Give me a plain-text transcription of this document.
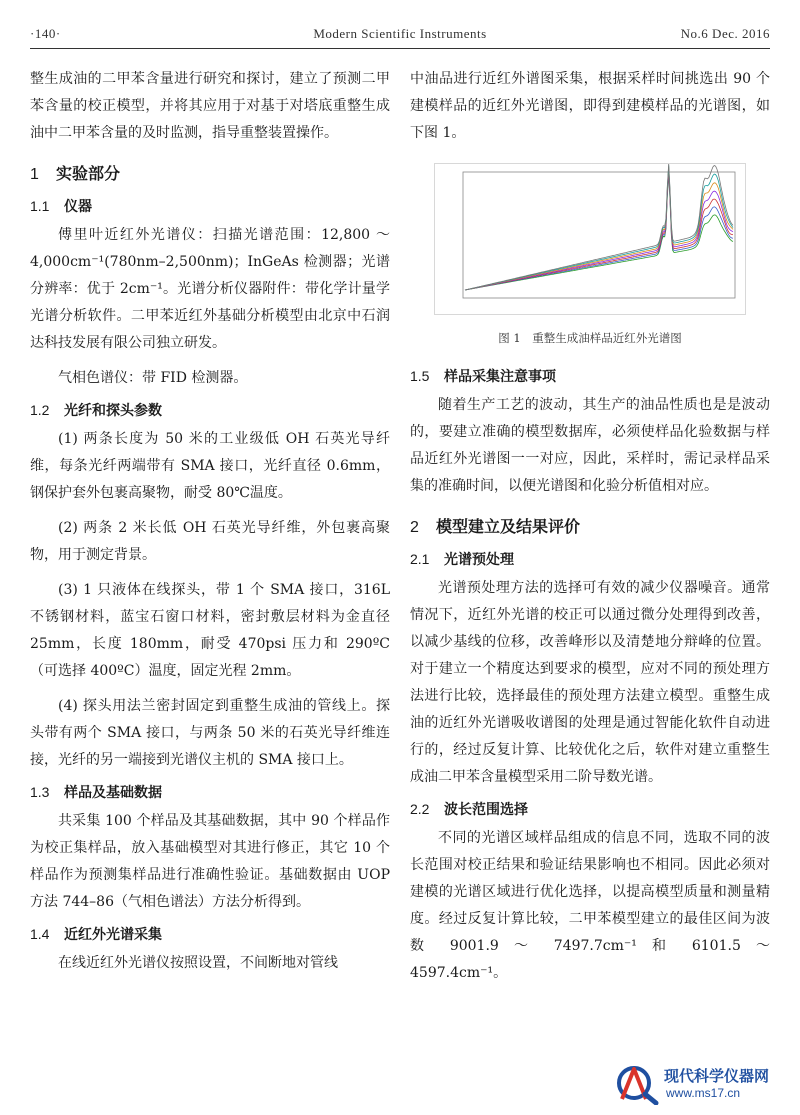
·140·	Modern Scientific Instruments	No.6 Dec. 2016

整生成油的二甲苯含量进行研究和探讨，建立了预测二甲苯含量的校正模型，并将其应用于对基于对塔底重整生成油中二甲苯含量的及时监测，指导重整装置操作。

1 实验部分
1.1 仪器

傅里叶近红外光谱仪：扫描光谱范围：12,800 ～ 4,000cm⁻¹(780nm–2,500nm)；InGeAs 检测器；光谱分辨率：优于 2cm⁻¹。光谱分析仪器附件：带化学计量学光谱分析软件。二甲苯近红外基础分析模型由北京中石润达科技发展有限公司独立研发。

气相色谱仪：带 FID 检测器。

1.2 光纤和探头参数

(1) 两条长度为 50 米的工业级低 OH 石英光导纤维，每条光纤两端带有 SMA 接口，光纤直径 0.6mm，钢保护套外包裹高聚物，耐受 80℃温度。

(2) 两条 2 米长低 OH 石英光导纤维，外包裹高聚物，用于测定背景。

(3) 1 只液体在线探头，带 1 个 SMA 接口，316L 不锈钢材料，蓝宝石窗口材料，密封敷层材料为金直径 25mm，长度 180mm，耐受 470psi 压力和 290ºC（可选择 400ºC）温度，固定光程 2mm。

(4) 探头用法兰密封固定到重整生成油的管线上。探头带有两个 SMA 接口，与两条 50 米的石英光导纤维连接，光纤的另一端接到光谱仪主机的 SMA 接口上。

1.3 样品及基础数据

共采集 100 个样品及其基础数据，其中 90 个样品作为校正集样品，放入基础模型对其进行修正，其它 10 个样品作为预测集样品进行准确性验证。基础数据由 UOP 方法 744–86（气相色谱法）方法分析得到。

1.4 近红外光谱采集

在线近红外光谱仪按照设置，不间断地对管线

中油品进行近红外谱图采集，根据采样时间挑选出 90 个建模样品的近红外光谱图，即得到建模样品的光谱图，如下图 1。

图 1　重整生成油样品近红外光谱图

1.5 样品采集注意事项

随着生产工艺的波动，其生产的油品性质也是是波动的，要建立准确的模型数据库，必须使样品化验数据与样品近红外光谱图一一对应，因此，采样时，需记录样品采集的准确时间，以便光谱图和化验分析值相对应。

2 模型建立及结果评价
2.1 光谱预处理

光谱预处理方法的选择可有效的减少仪器噪音。通常情况下，近红外光谱的校正可以通过微分处理得到改善，以减少基线的位移，改善峰形以及清楚地分辩峰的位置。对于建立一个精度达到要求的模型，应对不同的预处理方法进行比较，选择最佳的预处理方法建立模型。重整生成油的近红外光谱吸收谱图的处理是通过智能化软件自动进行的，经过反复计算、比较优化之后，软件对建立重整生成油二甲苯含量模型采用二阶导数光谱。

2.2 波长范围选择

不同的光谱区域样品组成的信息不同，选取不同的波长范围对校正结果和验证结果影响也不相同。因此必须对建模的光谱区域进行优化选择，以提高模型质量和测量精度。经过反复计算比较，二甲苯模型建立的最佳区间为波数 9001.9 ～ 7497.7cm⁻¹ 和 6101.5 ～ 4597.4cm⁻¹。

现代科学仪器网
www.ms17.cn
